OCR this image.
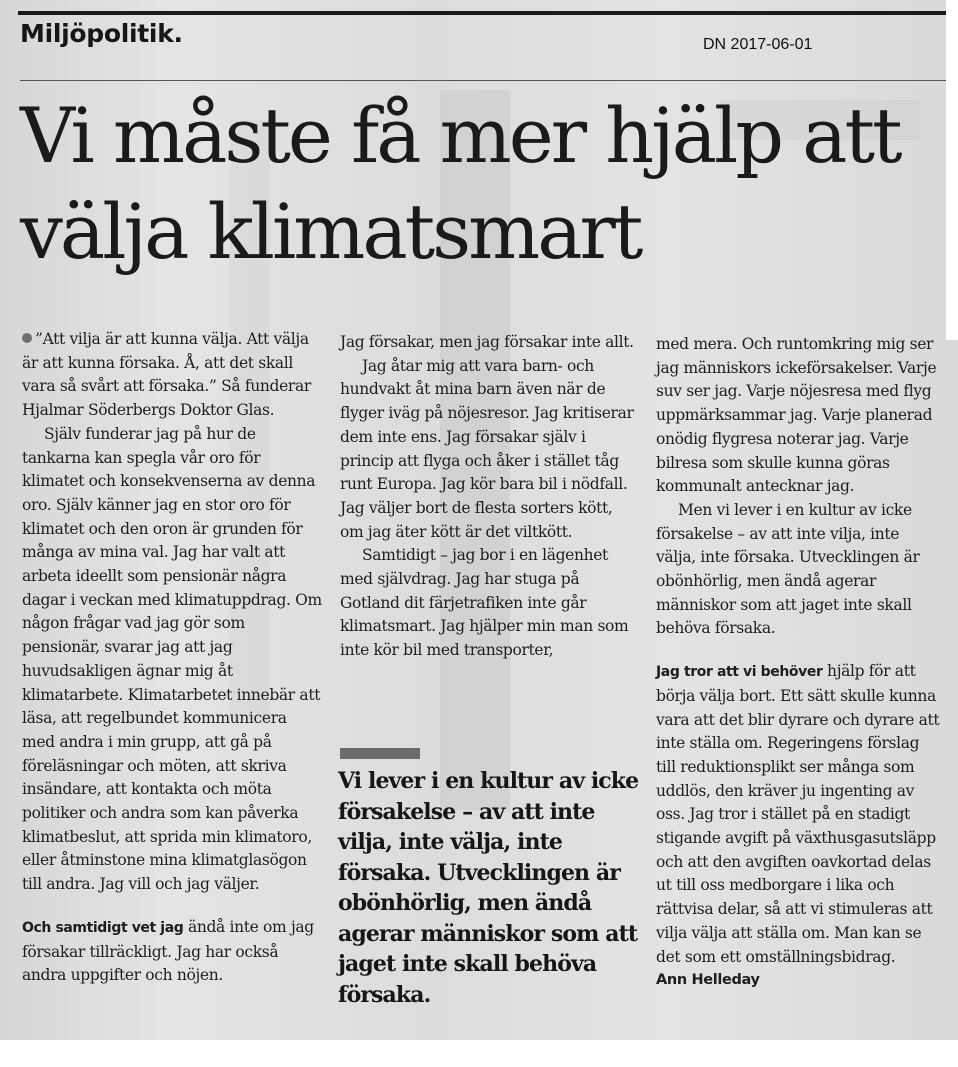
Miljöpolitik.	DN 2017-06-01

Vi måste få mer hjälp att välja klimatsmart

”Att vilja är att kunna välja. Att välja är att kunna försaka. Å, att det skall vara så svårt att försaka.” Så funderar Hjalmar Söderbergs Doktor Glas.

Själv funderar jag på hur de tankarna kan spegla vår oro för klimatet och konsekvenserna av denna oro. Själv känner jag en stor oro för klimatet och den oron är grunden för många av mina val. Jag har valt att arbeta ideellt som pensionär några dagar i veckan med klimatuppdrag. Om någon frågar vad jag gör som pensionär, svarar jag att jag huvudsakligen ägnar mig åt klimatarbete. Klimatarbetet innebär att läsa, att regelbundet kommunicera med andra i min grupp, att gå på föreläsningar och möten, att skriva insändare, att kontakta och möta politiker och andra som kan påverka klimatbeslut, att sprida min klimatoro, eller åtminstone mina klimatglasögon till andra. Jag vill och jag väljer.

Och samtidigt vet jag ändå inte om jag försakar tillräckligt. Jag har också andra uppgifter och nöjen.

Jag försakar, men jag försakar inte allt.

Jag åtar mig att vara barn- och hundvakt åt mina barn även när de flyger iväg på nöjesresor. Jag kritiserar dem inte ens. Jag försakar själv i princip att flyga och åker i stället tåg runt Europa. Jag kör bara bil i nödfall. Jag väljer bort de flesta sorters kött, om jag äter kött är det viltkött.

Samtidigt – jag bor i en lägenhet med självdrag. Jag har stuga på Gotland dit färjetrafiken inte går klimatsmart. Jag hjälper min man som inte kör bil med transporter,

Vi lever i en kultur av icke försakelse – av att inte vilja, inte välja, inte försaka. Utvecklingen är obönhörlig, men ändå agerar människor som att jaget inte skall behöva försaka.

med mera. Och runtomkring mig ser jag människors ickeförsakelser. Varje suv ser jag. Varje nöjesresa med flyg uppmärksammar jag. Varje planerad onödig flygresa noterar jag. Varje bilresa som skulle kunna göras kommunalt antecknar jag.

Men vi lever i en kultur av icke försakelse – av att inte vilja, inte välja, inte försaka. Utvecklingen är obönhörlig, men ändå agerar människor som att jaget inte skall behöva försaka.

Jag tror att vi behöver hjälp för att börja välja bort. Ett sätt skulle kunna vara att det blir dyrare och dyrare att inte ställa om. Regeringens förslag till reduktionsplikt ser många som uddlös, den kräver ju ingenting av oss. Jag tror i stället på en stadigt stigande avgift på växthusgasutsläpp och att den avgiften oavkortad delas ut till oss medborgare i lika och rättvisa delar, så att vi stimuleras att vilja välja att ställa om. Man kan se det som ett omställningsbidrag.

Ann Helleday
